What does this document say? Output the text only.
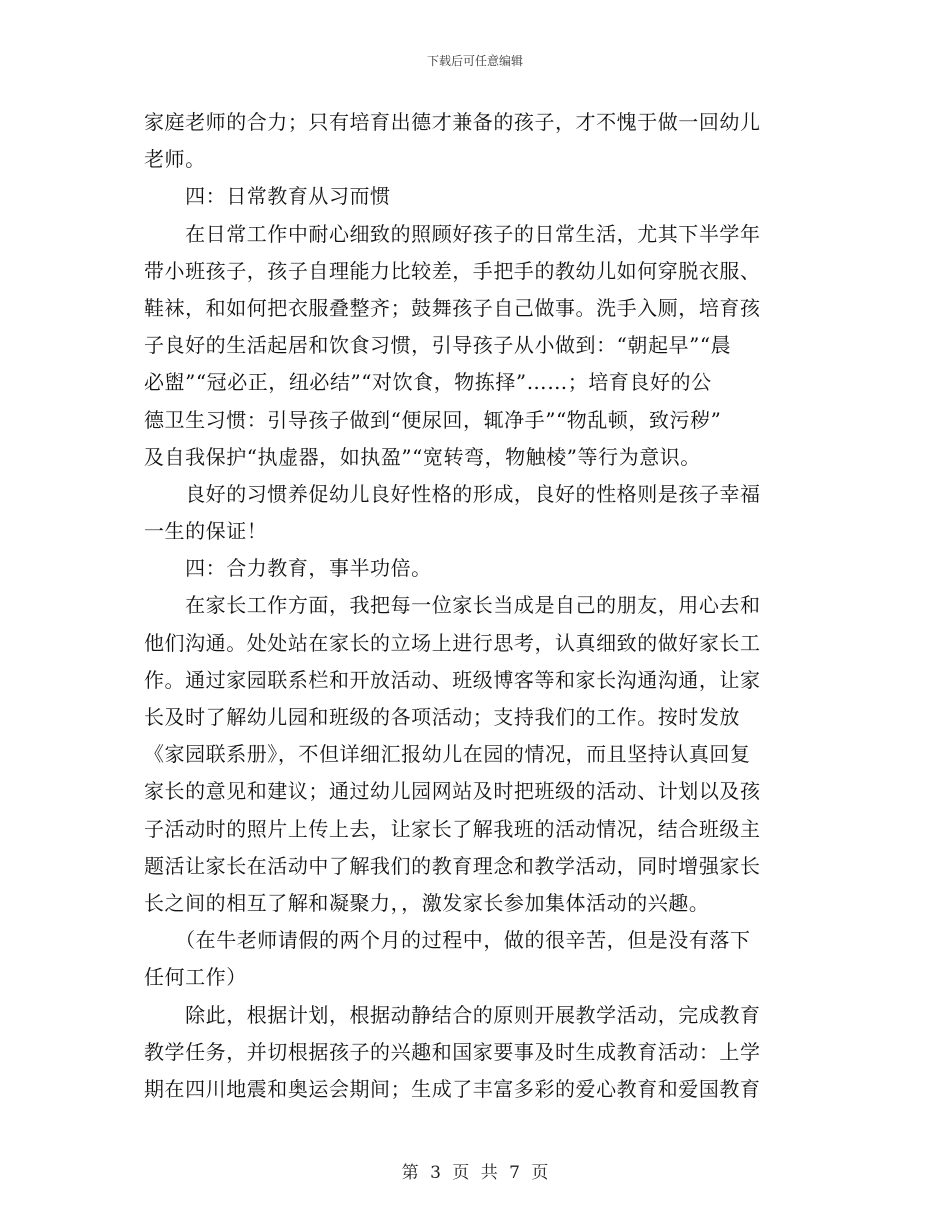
下载后可任意编辑
家庭老师的合力；只有培育出德才兼备的孩子，才不愧于做一回幼儿
老师。
　　四：日常教育从习而惯
　　在日常工作中耐心细致的照顾好孩子的日常生活，尤其下半学年
带小班孩子，孩子自理能力比较差，手把手的教幼儿如何穿脱衣服、
鞋袜，和如何把衣服叠整齐；鼓舞孩子自己做事。洗手入厕，培育孩
子良好的生活起居和饮食习惯，引导孩子从小做到：“朝起早”“晨
必盥”“冠必正，纽必结”“对饮食，物拣择”……；培育良好的公
德卫生习惯：引导孩子做到“便尿回，辄净手”“物乱顿，致污秽”
及自我保护“执虚器，如执盈”“宽转弯，物触棱”等行为意识。
　　良好的习惯养促幼儿良好性格的形成，良好的性格则是孩子幸福
一生的保证！
　　四：合力教育，事半功倍。
　　在家长工作方面，我把每一位家长当成是自己的朋友，用心去和
他们沟通。处处站在家长的立场上进行思考，认真细致的做好家长工
作。通过家园联系栏和开放活动、班级博客等和家长沟通沟通，让家
长及时了解幼儿园和班级的各项活动；支持我们的工作。按时发放
《家园联系册》，不但详细汇报幼儿在园的情况，而且坚持认真回复
家长的意见和建议；通过幼儿园网站及时把班级的活动、计划以及孩
子活动时的照片上传上去，让家长了解我班的活动情况，结合班级主
题活让家长在活动中了解我们的教育理念和教学活动，同时增强家长
长之间的相互了解和凝聚力，，激发家长参加集体活动的兴趣。
　　（在牛老师请假的两个月的过程中，做的很辛苦，但是没有落下
任何工作）
　　除此，根据计划，根据动静结合的原则开展教学活动，完成教育
教学任务，并切根据孩子的兴趣和国家要事及时生成教育活动：上学
期在四川地震和奥运会期间；生成了丰富多彩的爱心教育和爱国教育
第 3 页 共 7 页
